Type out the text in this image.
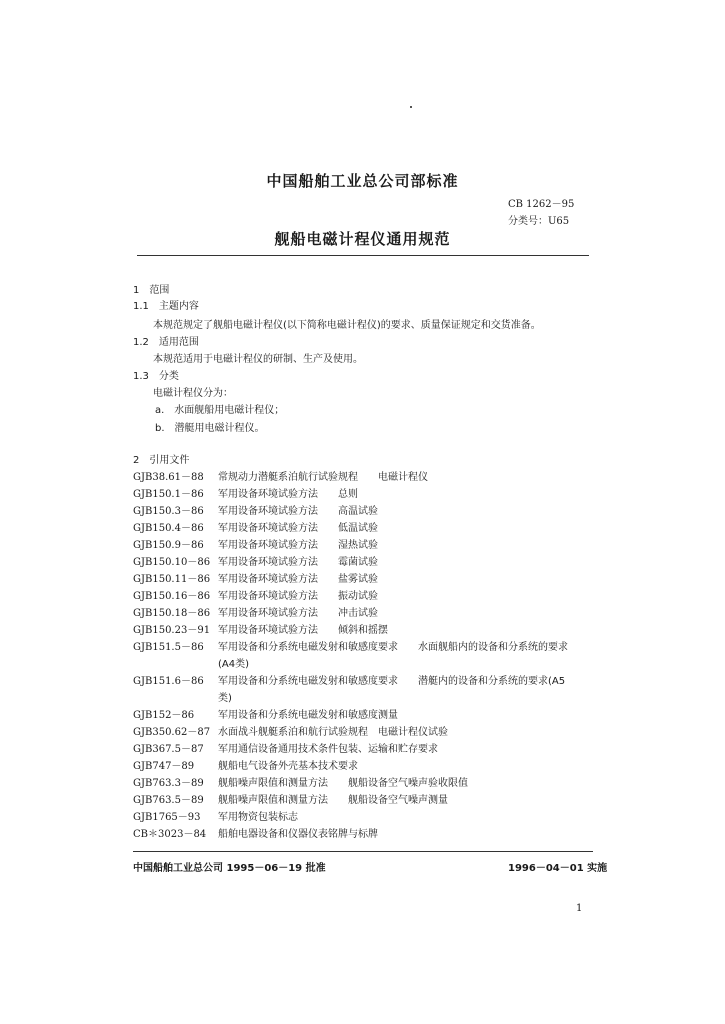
中国船舶工业总公司部标准
CB 1262－95
分类号：U65
舰船电磁计程仪通用规范
1　范围
1.1　主题内容
本规范规定了舰船电磁计程仪(以下简称电磁计程仪)的要求、质量保证规定和交货准备。
1.2　适用范围
本规范适用于电磁计程仪的研制、生产及使用。
1.3　分类
电磁计程仪分为：
a.　水面舰船用电磁计程仪；
b.　潜艇用电磁计程仪。
2　引用文件
GJB38.61－88 常规动力潜艇系泊航行试验规程　　电磁计程仪
GJB150.1－86 军用设备环境试验方法　　总则
GJB150.3－86 军用设备环境试验方法　　高温试验
GJB150.4－86 军用设备环境试验方法　　低温试验
GJB150.9－86 军用设备环境试验方法　　湿热试验
GJB150.10－86 军用设备环境试验方法　　霉菌试验
GJB150.11－86 军用设备环境试验方法　　盐雾试验
GJB150.16－86 军用设备环境试验方法　　振动试验
GJB150.18－86 军用设备环境试验方法　　冲击试验
GJB150.23－91 军用设备环境试验方法　　倾斜和摇摆
GJB151.5－86 军用设备和分系统电磁发射和敏感度要求　　水面舰船内的设备和分系统的要求
(A4类)
GJB151.6－86 军用设备和分系统电磁发射和敏感度要求　　潜艇内的设备和分系统的要求(A5
类)
GJB152－86 军用设备和分系统电磁发射和敏感度测量
GJB350.62－87 水面战斗舰艇系泊和航行试验规程　电磁计程仪试验
GJB367.5－87 军用通信设备通用技术条件包装、运输和贮存要求
GJB747－89 舰船电气设备外壳基本技术要求
GJB763.3－89 舰船噪声限值和测量方法　　舰船设备空气噪声验收限值
GJB763.5－89 舰船噪声限值和测量方法　　舰船设备空气噪声测量
GJB1765－93 军用物资包装标志
CB＊3023－84 船舶电器设备和仪器仪表铭牌与标牌
中国船舶工业总公司 1995－06－19 批准	1996－04－01 实施
1
